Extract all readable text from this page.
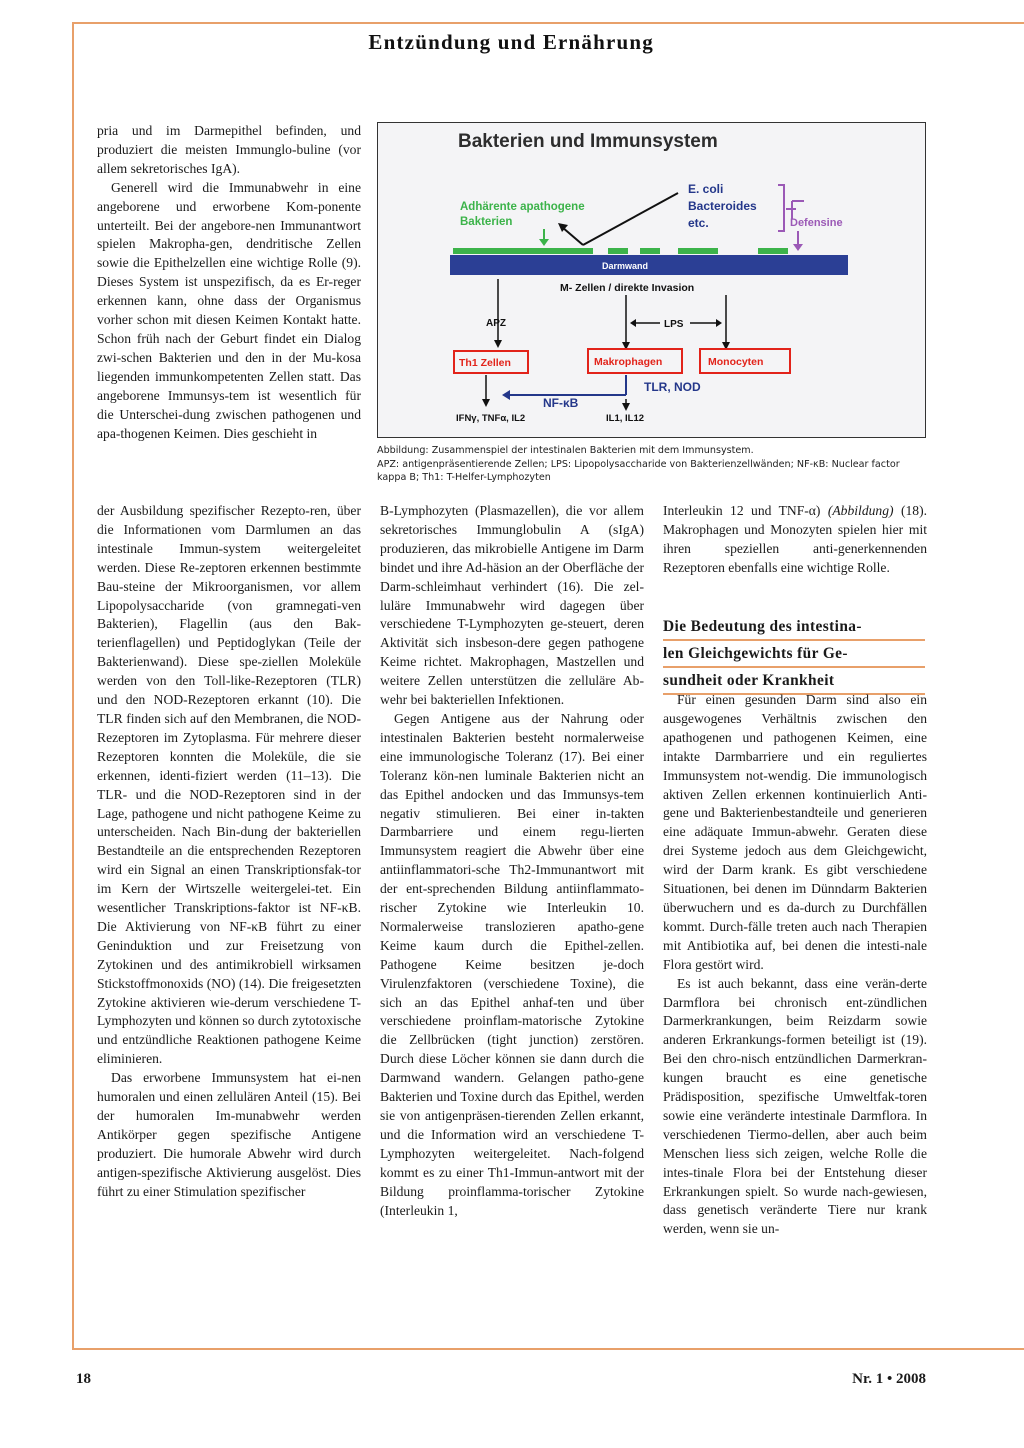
Entzündung und Ernährung

pria und im Darmepithel befinden, und produziert die meisten Immunglo-buline (vor allem sekretorisches IgA).

Generell wird die Immunabwehr in eine angeborene und erworbene Kom-ponente unterteilt. Bei der angebore-nen Immunantwort spielen Makropha-gen, dendritische Zellen sowie die Epithelzellen eine wichtige Rolle (9). Dieses System ist unspezifisch, da es Er-reger erkennen kann, ohne dass der Organismus vorher schon mit diesen Keimen Kontakt hatte. Schon früh nach der Geburt findet ein Dialog zwi-schen Bakterien und den in der Mu-kosa liegenden immunkompetenten Zellen statt. Das angeborene Immunsys-tem ist wesentlich für die Unterschei-dung zwischen pathogenen und apa-thogenen Keimen. Dies geschieht in

der Ausbildung spezifischer Rezepto-ren, über die Informationen vom Darmlumen an das intestinale Immun-system weitergeleitet werden. Diese Re-zeptoren erkennen bestimmte Bau-steine der Mikroorganismen, vor allem Lipopolysaccharide (von gramnegati-ven Bakterien), Flagellin (aus den Bak-terienflagellen) und Peptidoglykan (Teile der Bakterienwand). Diese spe-ziellen Moleküle werden von den Toll-like-Rezeptoren (TLR) und den NOD-Rezeptoren erkannt (10). Die TLR finden sich auf den Membranen, die NOD-Rezeptoren im Zytoplasma. Für mehrere dieser Rezeptoren konnten die Moleküle, die sie erkennen, identi-fiziert werden (11–13). Die TLR- und die NOD-Rezeptoren sind in der Lage, pathogene und nicht pathogene Keime zu unterscheiden. Nach Bin-dung der bakteriellen Bestandteile an die entsprechenden Rezeptoren wird ein Signal an einen Transkriptionsfak-tor im Kern der Wirtszelle weitergelei-tet. Ein wesentlicher Transkriptions-faktor ist NF-κB. Die Aktivierung von NF-κB führt zu einer Geninduktion und zur Freisetzung von Zytokinen und des antimikrobiell wirksamen Stickstoffmonoxids (NO) (14). Die freigesetzten Zytokine aktivieren wie-derum verschiedene T-Lymphozyten und können so durch zytotoxische und entzündliche Reaktionen pathogene Keime eliminieren.

Das erworbene Immunsystem hat ei-nen humoralen und einen zellulären Anteil (15). Bei der humoralen Im-munabwehr werden Antikörper gegen spezifische Antigene produziert. Die humorale Abwehr wird durch antigen-spezifische Aktivierung ausgelöst. Dies führt zu einer Stimulation spezifischer

Bakterien und Immunsystem
Adhärente apathogene
Bakterien
E. coli
Bacteroides
etc.	Defensine
Darmwand
M- Zellen / direkte Invasion
APZ	LPS
Th1 Zellen	Makrophagen	Monocyten
TLR, NOD
NF-κB
IFNγ, TNFα, IL2	IL1, IL12

Abbildung: Zusammenspiel der intestinalen Bakterien mit dem Immunsystem.

APZ: antigenpräsentierende Zellen; LPS: Lipopolysaccharide von Bakterienzellwänden; NF-κB: Nuclear factor kappa B; Th1: T-Helfer-Lymphozyten

B-Lymphozyten (Plasmazellen), die vor allem sekretorisches Immunglobulin A (sIgA) produzieren, das mikrobielle Antigene im Darm bindet und ihre Ad-häsion an der Oberfläche der Darm-schleimhaut verhindert (16). Die zel-luläre Immunabwehr wird dagegen über verschiedene T-Lymphozyten ge-steuert, deren Aktivität sich insbeson-dere gegen pathogene Keime richtet. Makrophagen, Mastzellen und weitere Zellen unterstützen die zelluläre Ab-wehr bei bakteriellen Infektionen.

Gegen Antigene aus der Nahrung oder intestinalen Bakterien besteht normalerweise eine immunologische Toleranz (17). Bei einer Toleranz kön-nen luminale Bakterien nicht an das Epithel andocken und das Immunsys-tem negativ stimulieren. Bei einer in-takten Darmbarriere und einem regu-lierten Immunsystem reagiert die Abwehr über eine antiinflammatori-sche Th2-Immunantwort mit der ent-sprechenden Bildung antiinflammato-rischer Zytokine wie Interleukin 10. Normalerweise translozieren apatho-gene Keime kaum durch die Epithel-zellen. Pathogene Keime besitzen je-doch Virulenzfaktoren (verschiedene Toxine), die sich an das Epithel anhaf-ten und über verschiedene proinflam-matorische Zytokine die Zellbrücken (tight junction) zerstören. Durch diese Löcher können sie dann durch die Darmwand wandern. Gelangen patho-gene Bakterien und Toxine durch das Epithel, werden sie von antigenpräsen-tierenden Zellen erkannt, und die Information wird an verschiedene T-Lymphozyten weitergeleitet. Nach-folgend kommt es zu einer Th1-Immun-antwort mit der Bildung proinflamma-torischer Zytokine (Interleukin 1,

Interleukin 12 und TNF-α) (Abbildung) (18). Makrophagen und Monozyten spielen hier mit ihren speziellen anti-generkennenden Rezeptoren ebenfalls eine wichtige Rolle.

Die Bedeutung des intestina-
len Gleichgewichts für Ge-
sundheit oder Krankheit

Für einen gesunden Darm sind also ein ausgewogenes Verhältnis zwischen den apathogenen und pathogenen Keimen, eine intakte Darmbarriere und ein reguliertes Immunsystem not-wendig. Die immunologisch aktiven Zellen erkennen kontinuierlich Anti-gene und Bakterienbestandteile und generieren eine adäquate Immun-abwehr. Geraten diese drei Systeme jedoch aus dem Gleichgewicht, wird der Darm krank. Es gibt verschiedene Situationen, bei denen im Dünndarm Bakterien überwuchern und es da-durch zu Durchfällen kommt. Durch-fälle treten auch nach Therapien mit Antibiotika auf, bei denen die intesti-nale Flora gestört wird.

Es ist auch bekannt, dass eine verän-derte Darmflora bei chronisch ent-zündlichen Darmerkrankungen, beim Reizdarm sowie anderen Erkrankungs-formen beteiligt ist (19). Bei den chro-nisch entzündlichen Darmerkran-kungen braucht es eine genetische Prädisposition, spezifische Umweltfak-toren sowie eine veränderte intestinale Darmflora. In verschiedenen Tiermo-dellen, aber auch beim Menschen liess sich zeigen, welche Rolle die intes-tinale Flora bei der Entstehung dieser Erkrankungen spielt. So wurde nach-gewiesen, dass genetisch veränderte Tiere nur krank werden, wenn sie un-

18	Nr. 1 • 2008
